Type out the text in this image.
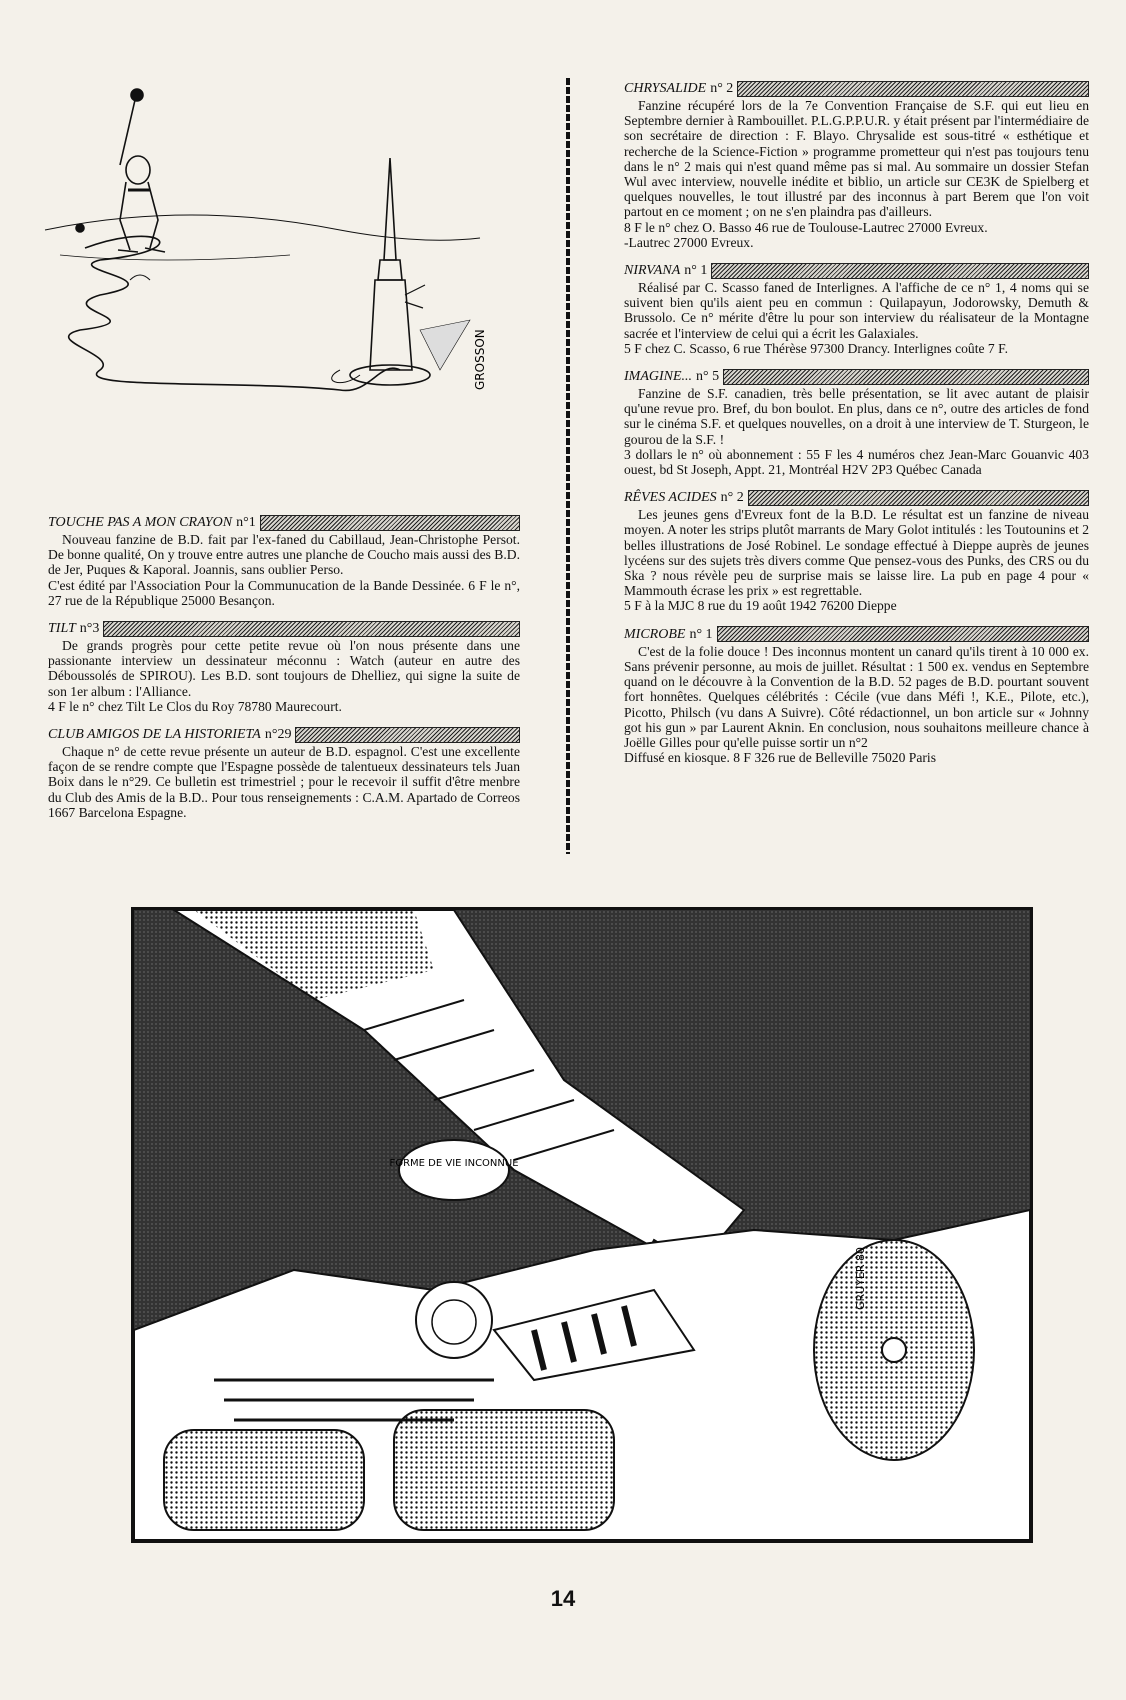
GROSSON
TOUCHE PAS A MON CRAYON n°1

Nouveau fanzine de B.D. fait par l'ex-faned du Cabillaud, Jean-Christophe Persot. De bonne qualité, On y trouve entre autres une planche de Coucho mais aussi des B.D. de Jer, Puques & Kaporal. Joannis, sans oublier Perso.

C'est édité par l'Association Pour la Communucation de la Bande Dessinée. 6 F le n°, 27 rue de la République 25000 Besançon.

TILT n°3

De grands progrès pour cette petite revue où l'on nous présente dans une passionante interview un dessinateur méconnu : Watch (auteur en autre des Déboussolés de SPIROU). Les B.D. sont toujours de Dhelliez, qui signe la suite de son 1er album : l'Alliance.

4 F le n° chez Tilt Le Clos du Roy 78780 Maurecourt.

CLUB AMIGOS DE LA HISTORIETA n°29

Chaque n° de cette revue présente un auteur de B.D. espagnol. C'est une excellente façon de se rendre compte que l'Espagne possède de talentueux dessinateurs tels Juan Boix dans le n°29. Ce bulletin est trimestriel ; pour le recevoir il suffit d'être menbre du Club des Amis de la B.D.. Pour tous renseignements : C.A.M. Apartado de Correos 1667 Barcelona Espagne.

CHRYSALIDE n° 2

Fanzine récupéré lors de la 7e Convention Française de S.F. qui eut lieu en Septembre dernier à Rambouillet. P.L.G.P.P.U.R. y était présent par l'intermédiaire de son secrétaire de direction : F. Blayo. Chrysalide est sous-titré « esthétique et recherche de la Science-Fiction » programme prometteur qui n'est pas toujours tenu dans le n° 2 mais qui n'est quand même pas si mal. Au sommaire un dossier Stefan Wul avec interview, nouvelle inédite et biblio, un article sur CE3K de Spielberg et quelques nouvelles, le tout illustré par des inconnus à part Berem que l'on voit partout en ce moment ; on ne s'en plaindra pas d'ailleurs.

8 F le n° chez O. Basso 46 rue de Toulouse-Lautrec 27000 Evreux.

-Lautrec 27000 Evreux.

NIRVANA n° 1

Réalisé par C. Scasso faned de Interlignes. A l'affiche de ce n° 1, 4 noms qui se suivent bien qu'ils aient peu en commun : Quilapayun, Jodorowsky, Demuth & Brussolo. Ce n° mérite d'être lu pour son interview du réalisateur de la Montagne sacrée et l'interview de celui qui a écrit les Galaxiales.

5 F chez C. Scasso, 6 rue Thérèse 97300 Drancy. Interlignes coûte 7 F.

IMAGINE... n° 5

Fanzine de S.F. canadien, très belle présentation, se lit avec autant de plaisir qu'une revue pro. Bref, du bon boulot. En plus, dans ce n°, outre des articles de fond sur le cinéma S.F. et quelques nouvelles, on a droit à une interview de T. Sturgeon, le gourou de la S.F. !

3 dollars le n° où abonnement : 55 F les 4 numéros chez Jean-Marc Gouanvic 403 ouest, bd St Joseph, Appt. 21, Montréal H2V 2P3 Québec Canada

RÊVES ACIDES n° 2

Les jeunes gens d'Evreux font de la B.D. Le résultat est un fanzine de niveau moyen. A noter les strips plutôt marrants de Mary Golot intitulés : les Toutounins et 2 belles illustrations de José Robinel. Le sondage effectué à Dieppe auprès de jeunes lycéens sur des sujets très divers comme Que pensez-vous des Punks, des CRS ou du Ska ? nous révèle peu de surprise mais se laisse lire. La pub en page 4 pour « Mammouth écrase les prix » est regrettable.

5 F à la MJC 8 rue du 19 août 1942 76200 Dieppe

MICROBE n° 1

C'est de la folie douce ! Des inconnus montent un canard qu'ils tirent à 10 000 ex. Sans prévenir personne, au mois de juillet. Résultat : 1 500 ex. vendus en Septembre quand on le découvre à la Convention de la B.D. 52 pages de B.D. pourtant souvent fort honnêtes. Quelques célébrités : Cécile (vue dans Méfi !, K.E., Pilote, etc.), Picotto, Philsch (vu dans A Suivre). Côté rédactionnel, un bon article sur « Johnny got his gun » par Laurent Aknin. En conclusion, nous souhaitons meilleure chance à Joëlle Gilles pour qu'elle puisse sortir un n°2

Diffusé en kiosque. 8 F 326 rue de Belleville 75020 Paris

FORME DE VIE INCONNUE
GRUYER 80
14
